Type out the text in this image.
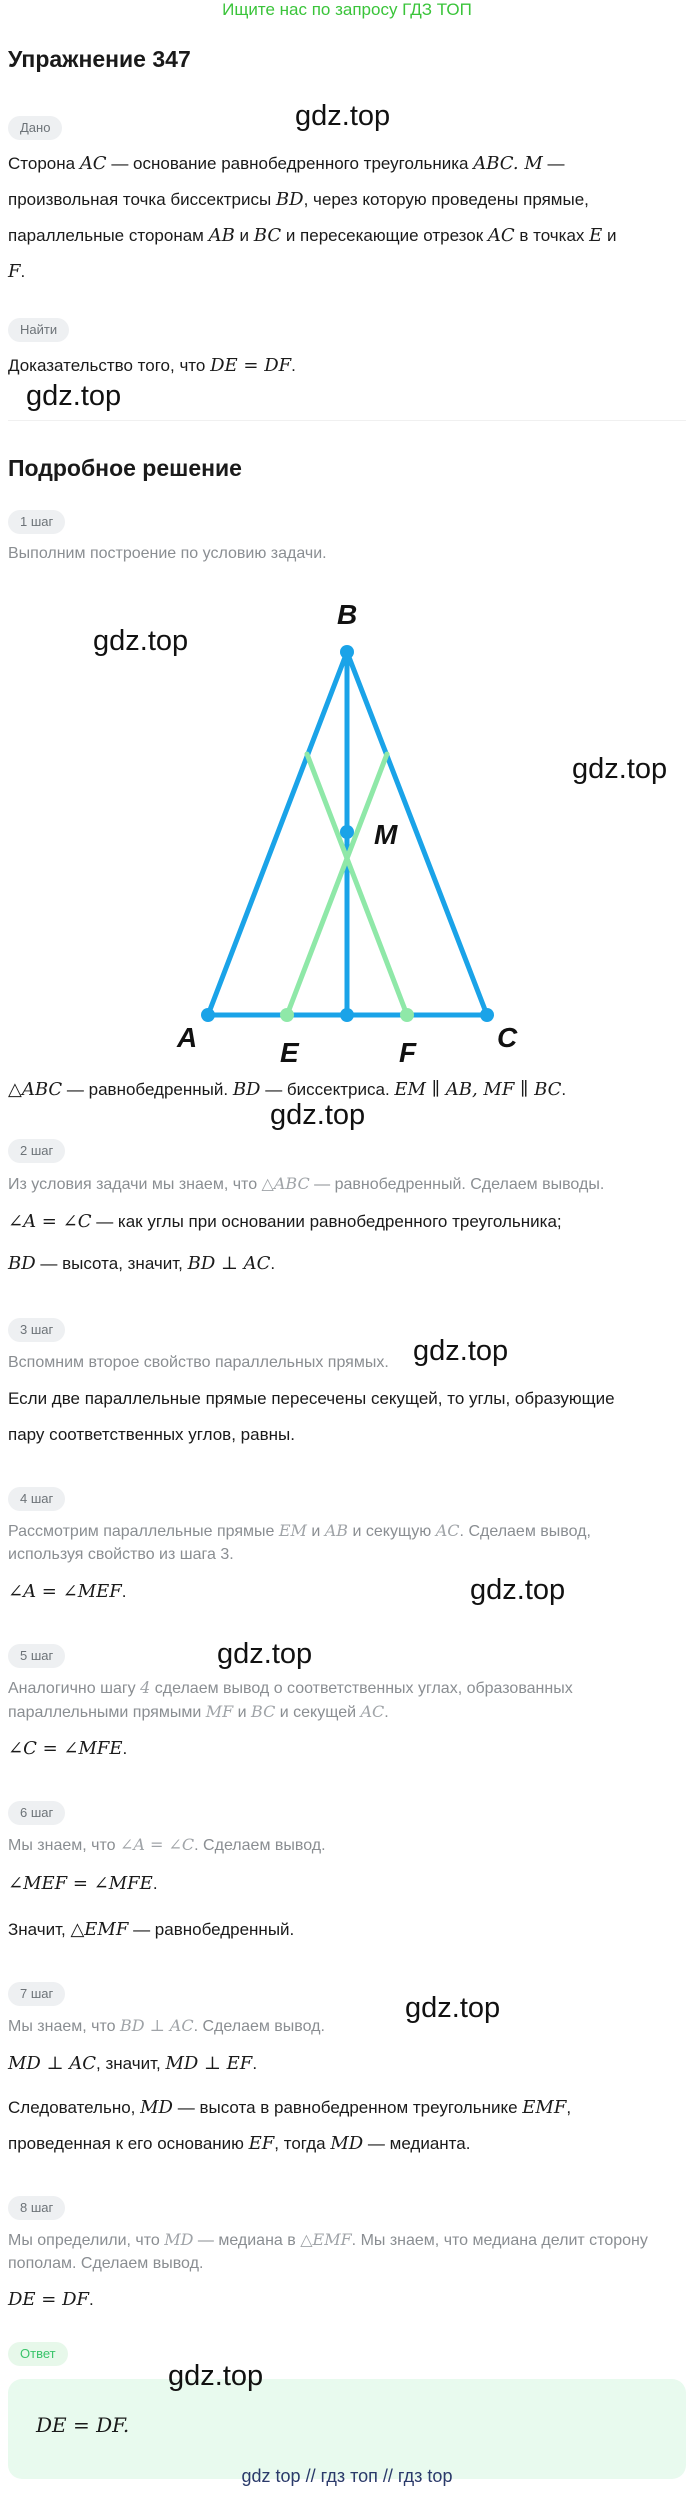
Ищите нас по запросу ГДЗ ТОП
Упражнение 347
Дано
Сторона AC — основание равнобедренного треугольника ABC. M —
произвольная точка биссектрисы BD, через которую проведены прямые,
параллельные сторонам AB и BC и пересекающие отрезок AC в точках E и
F.
Найти
Доказательство того, что DE = DF.
Подробное решение
1 шаг
Выполним построение по условию задачи.
B
A	C
E	F
M
△ABC — равнобедренный. BD — биссектриса. EM ∥ AB, MF ∥ BC.
2 шаг
Из условия задачи мы знаем, что △ABC — равнобедренный. Сделаем выводы.
∠A = ∠C — как углы при основании равнобедренного треугольника;
BD — высота, значит, BD ⊥ AC.
3 шаг
Вспомним второе свойство параллельных прямых.
Если две параллельные прямые пересечены секущей, то углы, образующие
пару соответственных углов, равны.
4 шаг
Рассмотрим параллельные прямые EM и AB и секущую AC. Сделаем вывод,
используя свойство из шага 3.
∠A = ∠MEF.
5 шаг
Аналогично шагу 4 сделаем вывод о соответственных углах, образованных
параллельными прямыми MF и BC и секущей AC.
∠C = ∠MFE.
6 шаг
Мы знаем, что ∠A = ∠C. Сделаем вывод.
∠MEF = ∠MFE.
Значит, △EMF — равнобедренный.
7 шаг
Мы знаем, что BD ⊥ AC. Сделаем вывод.
MD ⊥ AC, значит, MD ⊥ EF.
Следовательно, MD — высота в равнобедренном треугольнике EMF,
проведенная к его основанию EF, тогда MD — медианта.
8 шаг
Мы определили, что MD — медиана в △EMF. Мы знаем, что медиана делит сторону
пополам. Сделаем вывод.
DE = DF.
Ответ
DE = DF.
gdz.top
gdz.top
gdz.top
gdz.top
gdz.top
gdz.top
gdz.top
gdz.top
gdz.top
gdz.top
gdz top // гдз топ // гдз top
